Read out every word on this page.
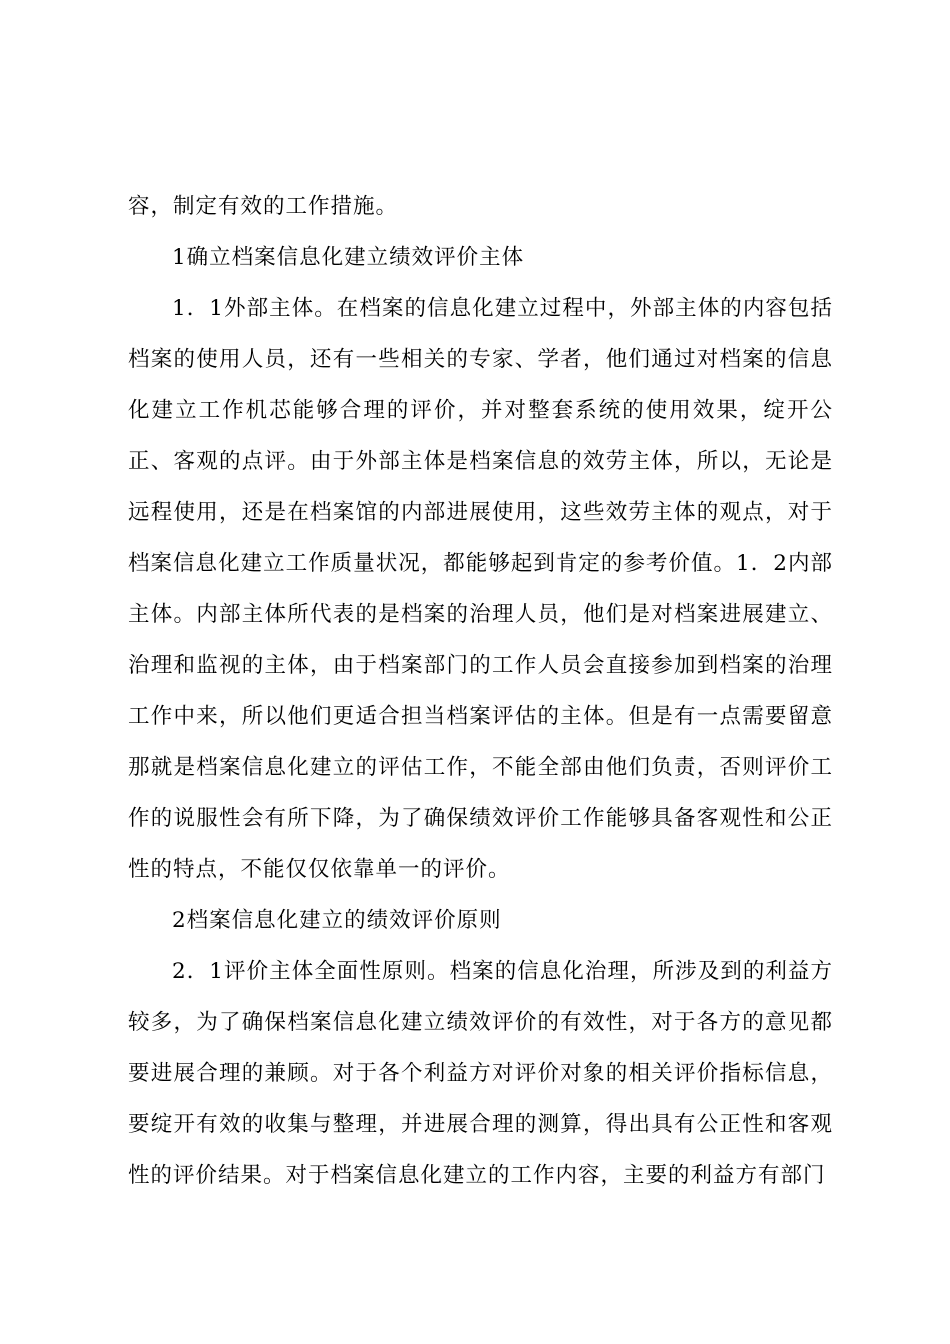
容，制定有效的工作措施。

1确立档案信息化建立绩效评价主体

1．1外部主体。在档案的信息化建立过程中，外部主体的内容包括档案的使用人员，还有一些相关的专家、学者，他们通过对档案的信息化建立工作机芯能够合理的评价，并对整套系统的使用效果，绽开公正、客观的点评。由于外部主体是档案信息的效劳主体，所以，无论是远程使用，还是在档案馆的内部进展使用，这些效劳主体的观点，对于档案信息化建立工作质量状况，都能够起到肯定的参考价值。1．2内部主体。内部主体所代表的是档案的治理人员，他们是对档案进展建立、治理和监视的主体，由于档案部门的工作人员会直接参加到档案的治理工作中来，所以他们更适合担当档案评估的主体。但是有一点需要留意那就是档案信息化建立的评估工作，不能全部由他们负责，否则评价工作的说服性会有所下降，为了确保绩效评价工作能够具备客观性和公正性的特点，不能仅仅依靠单一的评价。

2档案信息化建立的绩效评价原则

2．1评价主体全面性原则。档案的信息化治理，所涉及到的利益方较多，为了确保档案信息化建立绩效评价的有效性，对于各方的意见都要进展合理的兼顾。对于各个利益方对评价对象的相关评价指标信息，要绽开有效的收集与整理，并进展合理的测算，得出具有公正性和客观性的评价结果。对于档案信息化建立的工作内容，主要的利益方有部门
